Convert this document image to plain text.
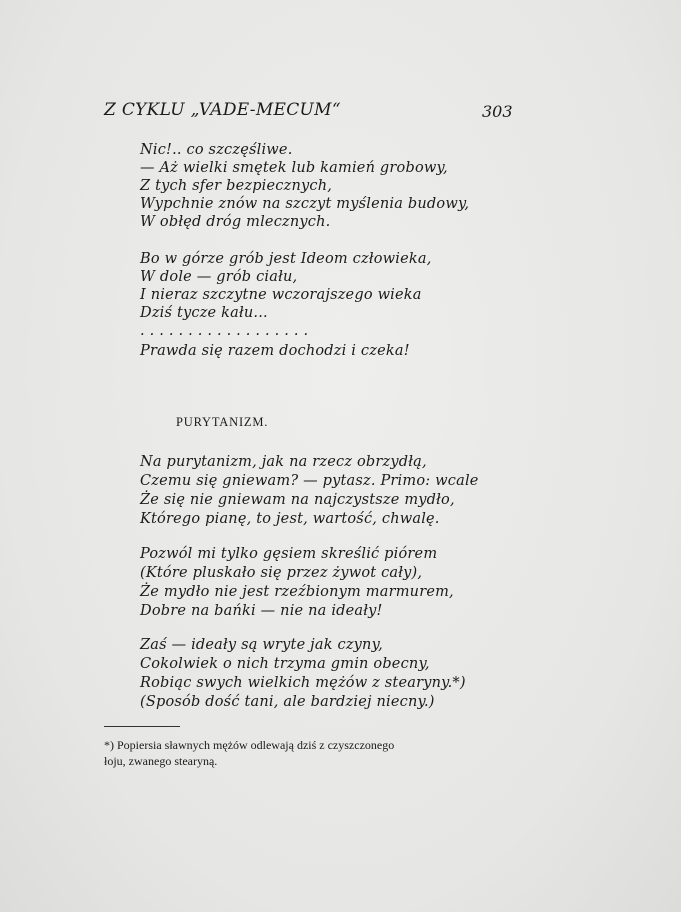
Z CYKLU „VADE-MECUM“	303
Nic!.. co szczęśliwe.
— Aż wielki smętek lub kamień grobowy,
Z tych sfer bezpiecznych,
Wypchnie znów na szczyt myślenia budowy,
W obłęd dróg mlecznych.
Bo w górze grób jest Ideom człowieka,
W dole — grób ciału,
I nieraz szczytne wczorajszego wieka
Dziś tycze kału...
. . . . . . . . . . . . . . . . . .
Prawda się razem dochodzi i czeka!
PURYTANIZM.
Na purytanizm, jak na rzecz obrzydłą,
Czemu się gniewam? — pytasz. Primo: wcale
Że się nie gniewam na najczystsze mydło,
Którego pianę, to jest, wartość, chwalę.
Pozwól mi tylko gęsiem skreślić piórem
(Które pluskało się przez żywot cały),
Że mydło nie jest rzeźbionym marmurem,
Dobre na bańki — nie na ideały!
Zaś — ideały są wryte jak czyny,
Cokolwiek o nich trzyma gmin obecny,
Robiąc swych wielkich mężów z stearyny.*)
(Sposób dość tani, ale bardziej niecny.)
*) Popiersia sławnych mężów odlewają dziś z czyszczonego
łoju, zwanego stearyną.
